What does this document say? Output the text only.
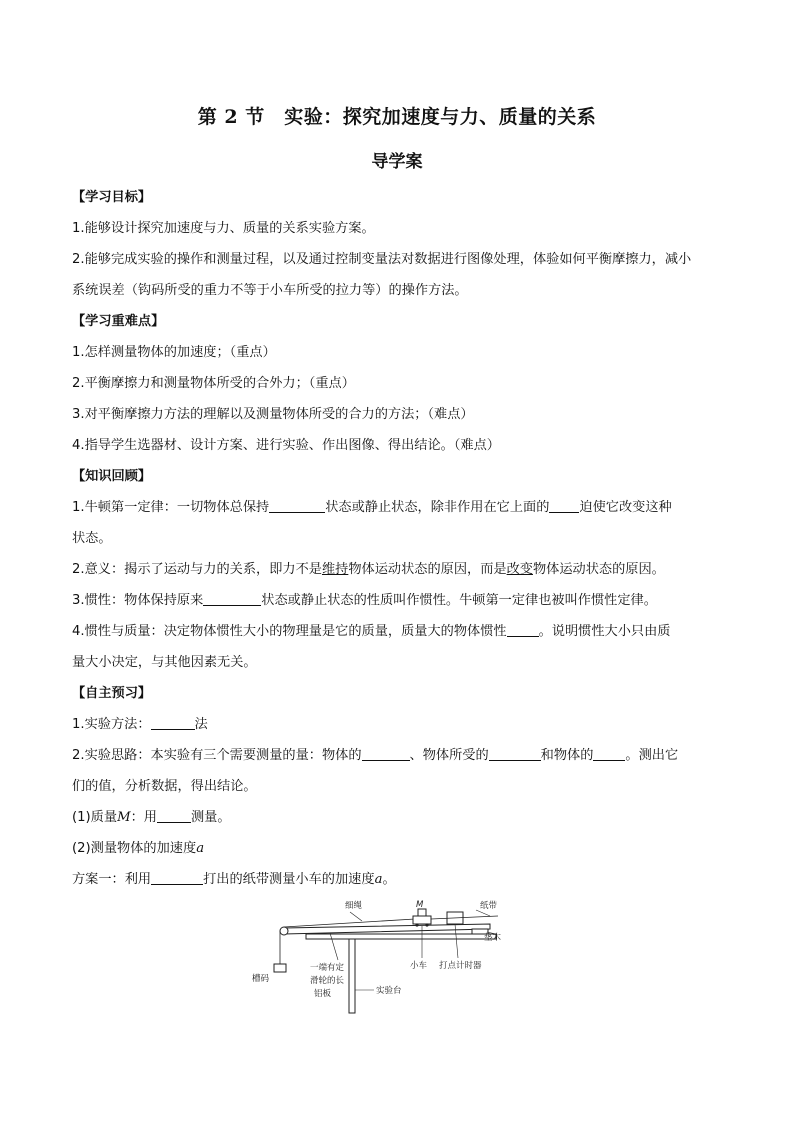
第 2 节　实验：探究加速度与力、质量的关系
导学案
【学习目标】
1.能够设计探究加速度与力、质量的关系实验方案。
2.能够完成实验的操作和测量过程，以及通过控制变量法对数据进行图像处理，体验如何平衡摩擦力，减小
系统误差（钩码所受的重力不等于小车所受的拉力等）的操作方法。
【学习重难点】
1.怎样测量物体的加速度；（重点）
2.平衡摩擦力和测量物体所受的合外力；（重点）
3.对平衡摩擦力方法的理解以及测量物体所受的合力的方法；（难点）
4.指导学生选器材、设计方案、进行实验、作出图像、得出结论。（难点）
【知识回顾】
1.牛顿第一定律：一切物体总保持	状态或静止状态，除非作用在它上面的 迫使它改变这种
状态。
2.意义：揭示了运动与力的关系，即力不是维持物体运动状态的原因，而是改变物体运动状态的原因。
3.惯性：物体保持原来	状态或静止状态的性质叫作惯性。牛顿第一定律也被叫作惯性定律。
4.惯性与质量：决定物体惯性大小的物理量是它的质量，质量大的物体惯性 。说明惯性大小只由质
量大小决定，与其他因素无关。
【自主预习】
1.实验方法：	法
2.实验思路：本实验有三个需要测量的量：物体的	、物体所受的	和物体的 。测出它
们的值，分析数据，得出结论。
(1)质量M：用	测量。
(2)测量物体的加速度a
方案一：利用	打出的纸带测量小车的加速度a。
细绳	M	纸带
垫木
小车 打点计时器
槽码
一端有定
滑轮的长
铝板	实验台
